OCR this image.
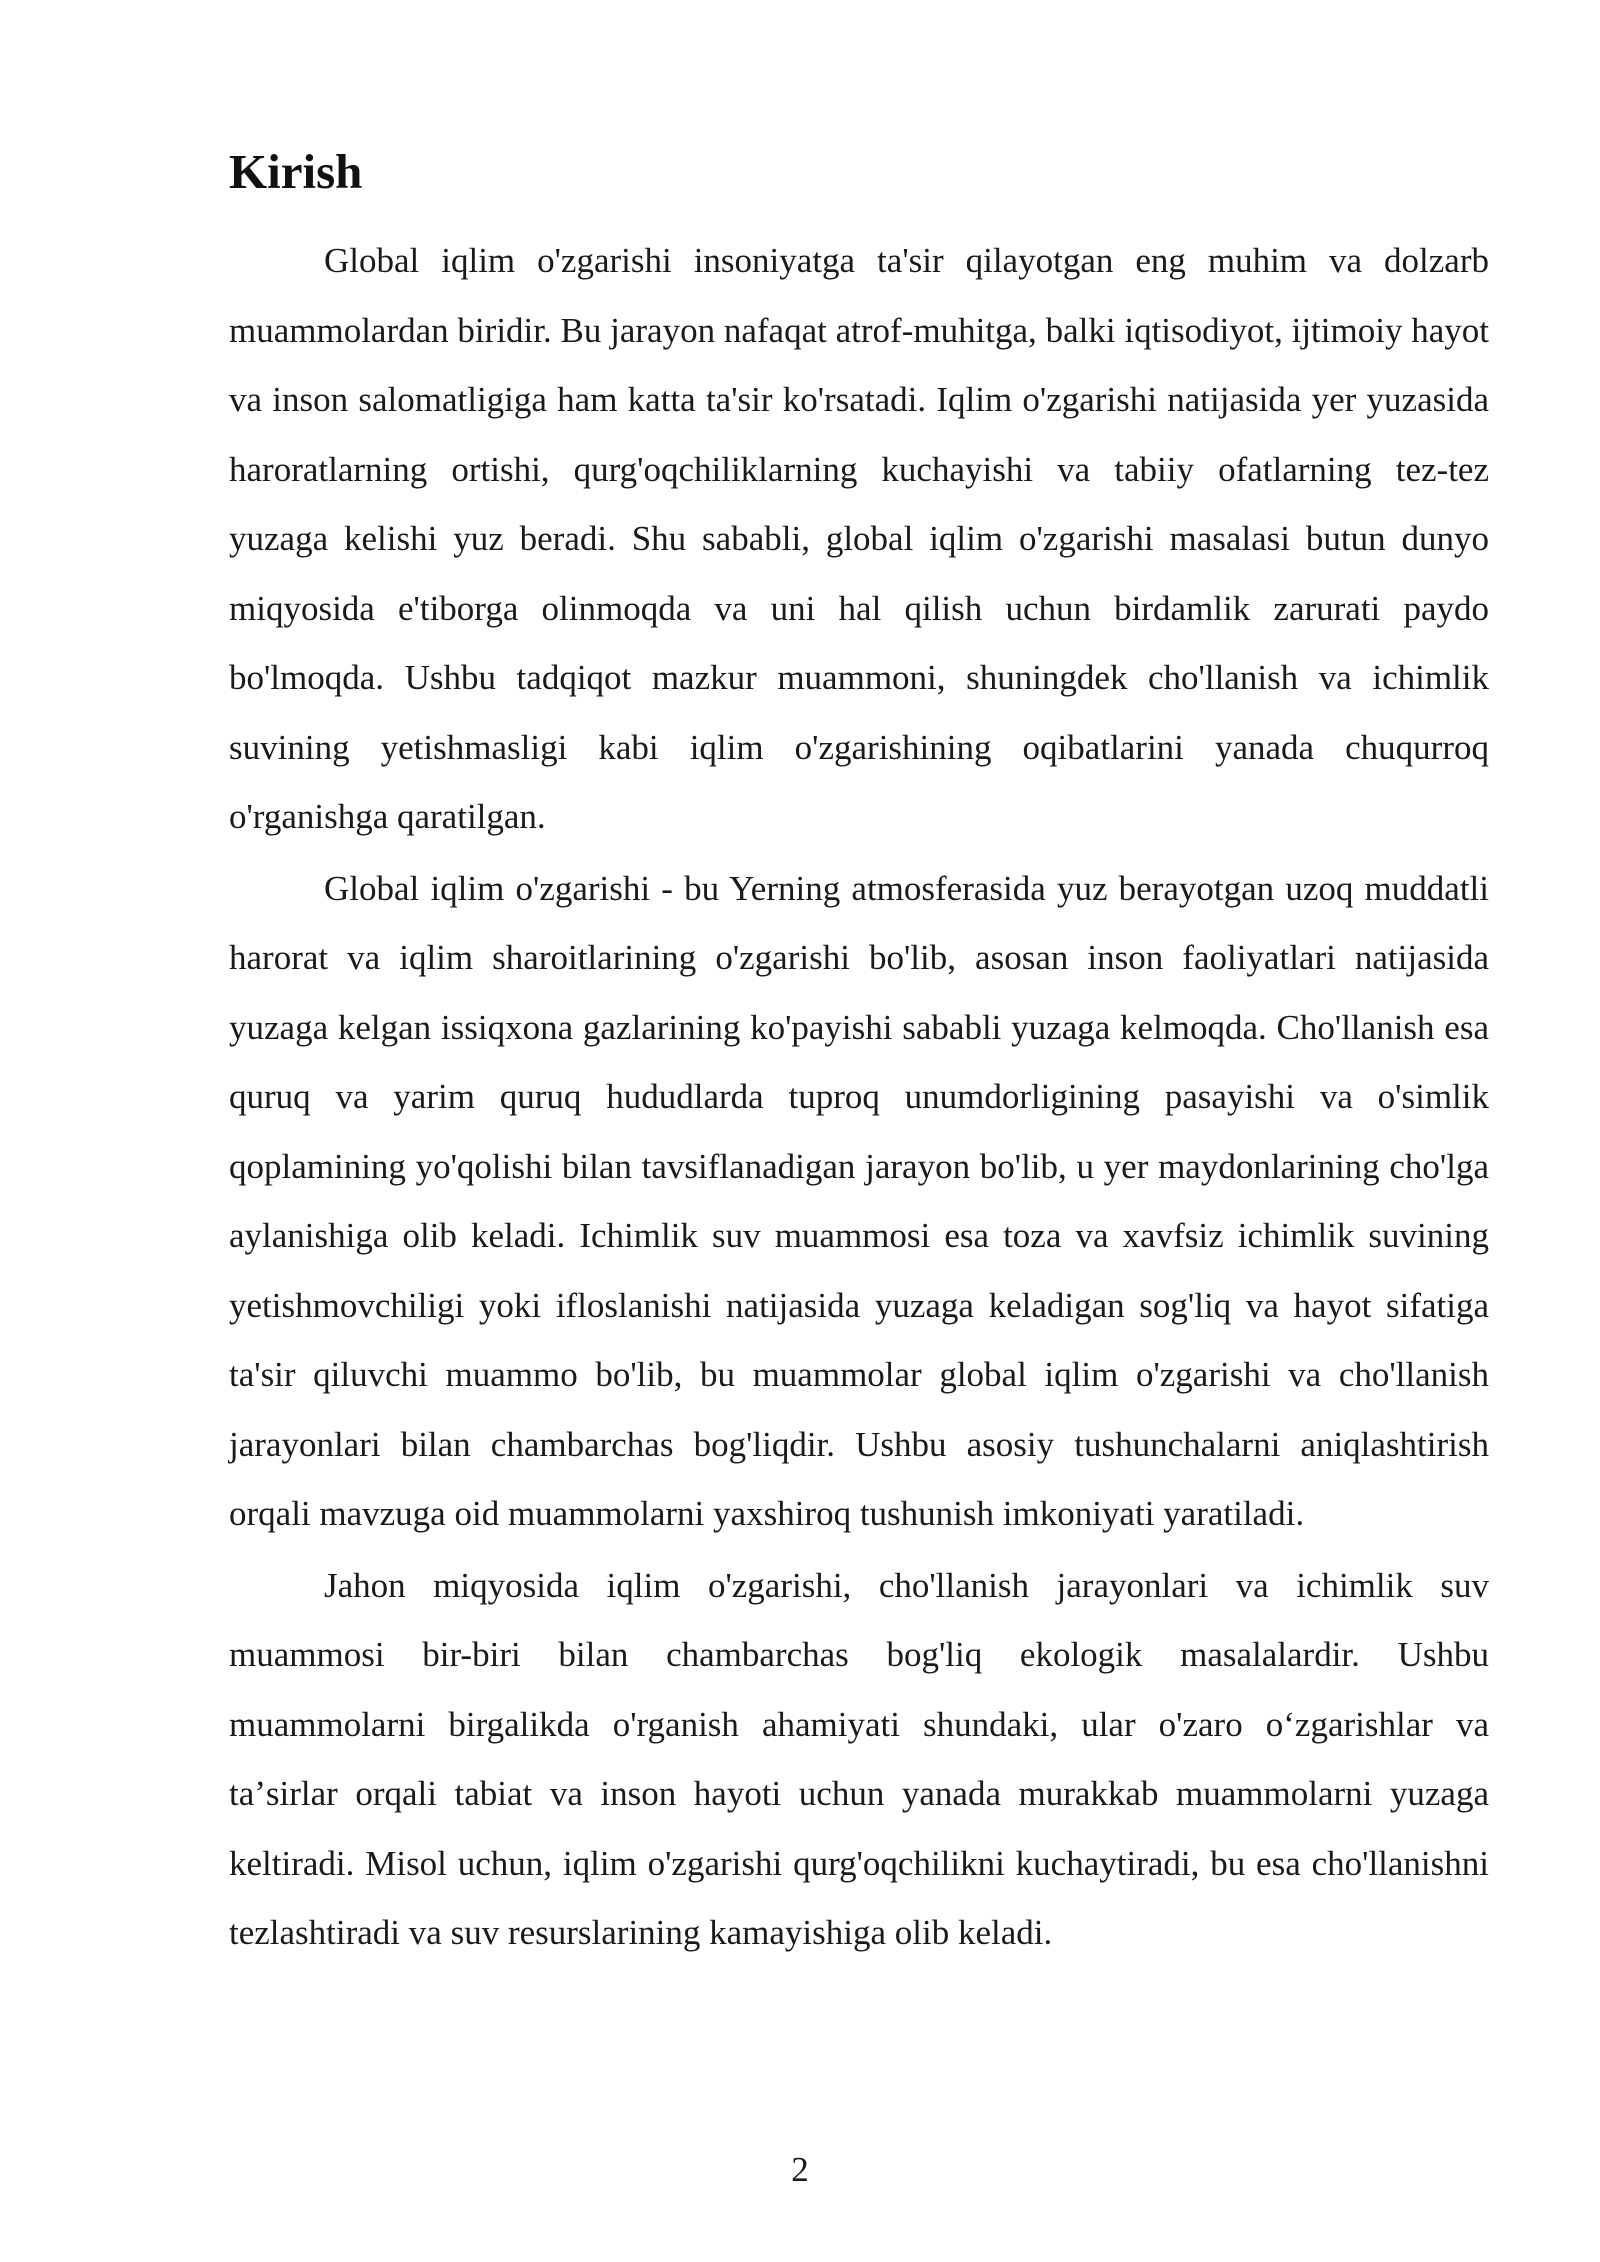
Kirish

Global iqlim o'zgarishi insoniyatga ta'sir qilayotgan eng muhim va dolzarb muammolardan biridir. Bu jarayon nafaqat atrof-muhitga, balki iqtisodiyot, ijtimoiy hayot va inson salomatligiga ham katta ta'sir ko'rsatadi. Iqlim o'zgarishi natijasida yer yuzasida haroratlarning ortishi, qurg'oqchiliklarning kuchayishi va tabiiy ofatlarning tez-tez yuzaga kelishi yuz beradi. Shu sababli, global iqlim o'zgarishi masalasi butun dunyo miqyosida e'tiborga olinmoqda va uni hal qilish uchun birdamlik zarurati paydo bo'lmoqda. Ushbu tadqiqot mazkur muammoni, shuningdek cho'llanish va ichimlik suvining yetishmasligi kabi iqlim o'zgarishining oqibatlarini yanada chuqurroq o'rganishga qaratilgan.

Global iqlim o'zgarishi - bu Yerning atmosferasida yuz berayotgan uzoq muddatli harorat va iqlim sharoitlarining o'zgarishi bo'lib, asosan inson faoliyatlari natijasida yuzaga kelgan issiqxona gazlarining ko'payishi sababli yuzaga kelmoqda. Cho'llanish esa quruq va yarim quruq hududlarda tuproq unumdorligining pasayishi va o'simlik qoplamining yo'qolishi bilan tavsiflanadigan jarayon bo'lib, u yer maydonlarining cho'lga aylanishiga olib keladi. Ichimlik suv muammosi esa toza va xavfsiz ichimlik suvining yetishmovchiligi yoki ifloslanishi natijasida yuzaga keladigan sog'liq va hayot sifatiga ta'sir qiluvchi muammo bo'lib, bu muammolar global iqlim o'zgarishi va cho'llanish jarayonlari bilan chambarchas bog'liqdir. Ushbu asosiy tushunchalarni aniqlashtirish orqali mavzuga oid muammolarni yaxshiroq tushunish imkoniyati yaratiladi.

Jahon miqyosida iqlim o'zgarishi, cho'llanish jarayonlari va ichimlik suv muammosi bir-biri bilan chambarchas bog'liq ekologik masalalardir. Ushbu muammolarni birgalikda o'rganish ahamiyati shundaki, ular o'zaro oʻzgarishlar va taʼsirlar orqali tabiat va inson hayoti uchun yanada murakkab muammolarni yuzaga keltiradi. Misol uchun, iqlim o'zgarishi qurg'oqchilikni kuchaytiradi, bu esa cho'llanishni tezlashtiradi va suv resurslarining kamayishiga olib keladi.

2
